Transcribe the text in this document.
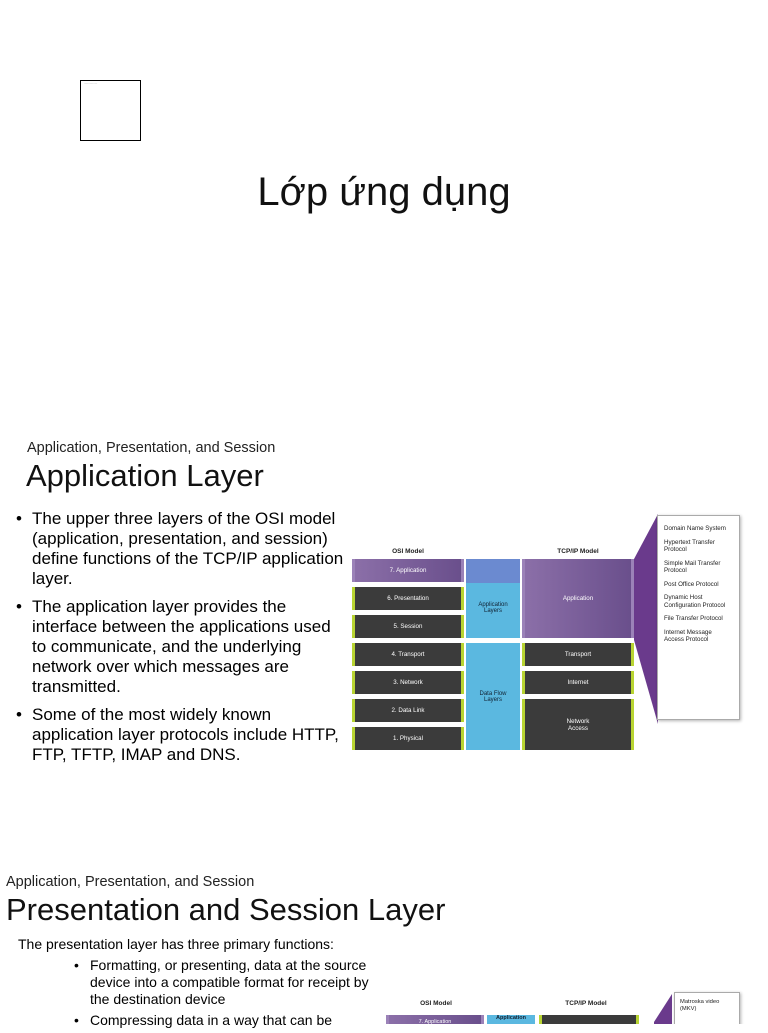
................
Lớp ứng dụng
Application, Presentation, and Session
Application Layer
• The upper three layers of the OSI model (application, presentation, and session) define functions of the TCP/IP application layer.
• The application layer provides the interface between the applications used to communicate, and the underlying network over which messages are transmitted.
• Some of the most widely known application layer protocols include HTTP, FTP, TFTP, IMAP and DNS.
OSI Model	TCP/IP Model
7. Application
6. Presentation
5. Session
4. Transport
3. Network
2. Data Link
1. Physical
Application Layers
Data Flow Layers
Application
Transport
Internet
Network Access
Domain Name System
Hypertext Transfer Protocol
Simple Mail Transfer Protocol
Post Office Protocol
Dynamic Host Configuration Protocol
File Transfer Protocol
Internet Message Access Protocol
Application, Presentation, and Session
Presentation and Session Layer
The presentation layer has three primary functions:
• Formatting, or presenting, data at the source device into a compatible format for receipt by the destination device
• Compressing data in a way that can be
OSI Model	TCP/IP Model
7. Application
Application
Matroska video (MKV)
